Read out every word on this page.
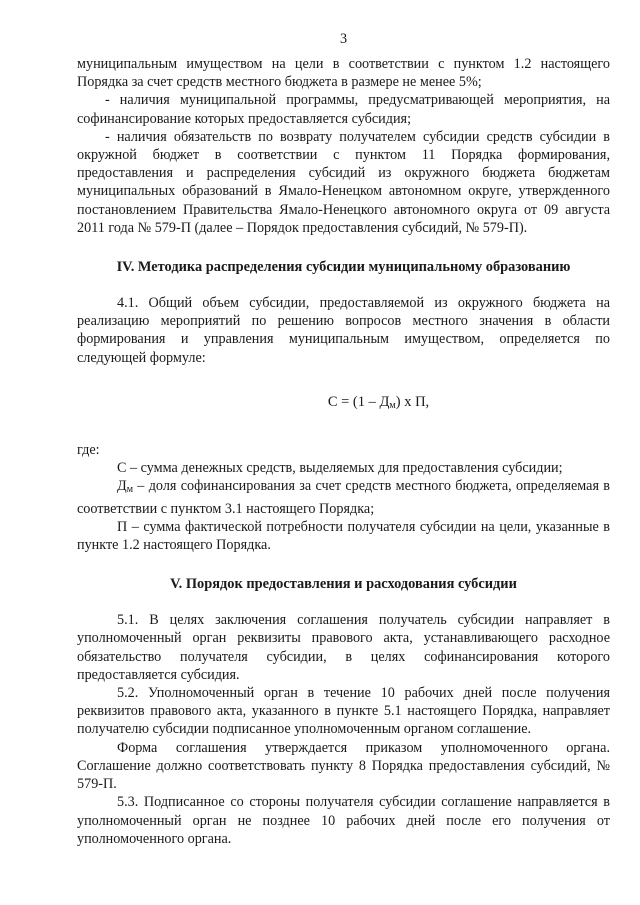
3

муниципальным имуществом на цели в соответствии с пунктом 1.2 настоящего Порядка за счет средств местного бюджета в размере не менее 5%;

- наличия муниципальной программы, предусматривающей мероприятия, на софинансирование которых предоставляется субсидия;

- наличия обязательств по возврату получателем субсидии средств субсидии в окружной бюджет в соответствии с пунктом 11 Порядка формирования, предоставления и распределения субсидий из окружного бюджета бюджетам муниципальных образований в Ямало-Ненецком автономном округе, утвержденного постановлением Правительства Ямало-Ненецкого автономного округа от 09 августа 2011 года № 579-П (далее – Порядок предоставления субсидий, № 579-П).

IV. Методика распределения субсидии муниципальному образованию

4.1. Общий объем субсидии, предоставляемой из окружного бюджета на реализацию мероприятий по решению вопросов местного значения в области формирования и управления муниципальным имуществом, определяется по следующей формуле:

$С = (1 - Д_м)$ х П,

где:

С – сумма денежных средств, выделяемых для предоставления субсидии;

$Д_м$ – доля софинансирования за счет средств местного бюджета, определяемая в соответствии с пунктом 3.1 настоящего Порядка;

П – сумма фактической потребности получателя субсидии на цели, указанные в пункте 1.2 настоящего Порядка.

V. Порядок предоставления и расходования субсидии

5.1. В целях заключения соглашения получатель субсидии направляет в уполномоченный орган реквизиты правового акта, устанавливающего расходное обязательство получателя субсидии, в целях софинансирования которого предоставляется субсидия.

5.2. Уполномоченный орган в течение 10 рабочих дней после получения реквизитов правового акта, указанного в пункте 5.1 настоящего Порядка, направляет получателю субсидии подписанное уполномоченным органом соглашение.

Форма соглашения утверждается приказом уполномоченного органа. Соглашение должно соответствовать пункту 8 Порядка предоставления субсидий, № 579-П.

5.3. Подписанное со стороны получателя субсидии соглашение направляется в уполномоченный орган не позднее 10 рабочих дней после его получения от уполномоченного органа.
